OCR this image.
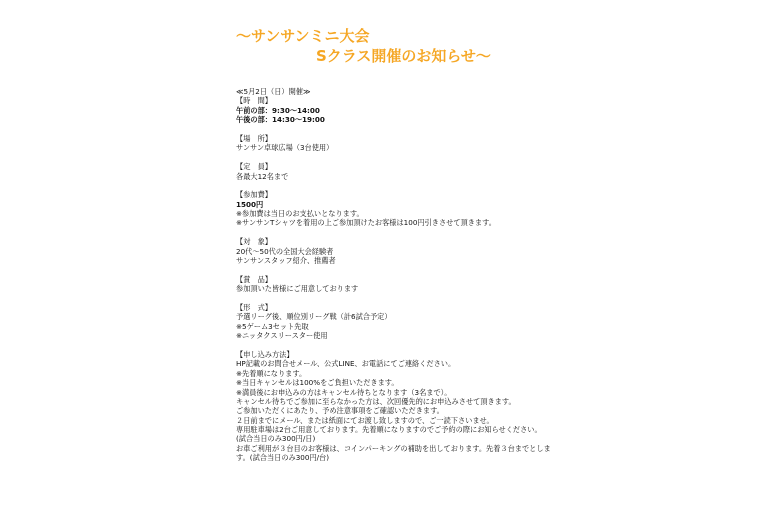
～サンサンミニ大会
Sクラス開催のお知らせ～
≪5月2日（日）開催≫
【時　間】
午前の部：9:30～14:00
午後の部：14:30～19:00
【場　所】
サンサン卓球広場（3台使用）
【定　員】
各最大12名まで
【参加費】
1500円
※参加費は当日のお支払いとなります。
※サンサンTシャツを着用の上ご参加頂けたお客様は100円引きさせて頂きます。
【対　象】
20代～50代の全国大会経験者
サンサンスタッフ紹介、推薦者
【賞　品】
参加頂いた皆様にご用意しております
【形　式】
予選リーグ後、順位別リーグ戦（計6試合予定）
※5ゲーム3セット先取
※ニッタクスリースター使用
【申し込み方法】
HP記載のお問合せメール、公式LINE、お電話にてご連絡ください。
※先着順になります。
※当日キャンセルは100%をご負担いただきます。
※満員後にお申込みの方はキャンセル待ちとなります（3名まで）。
キャンセル待ちでご参加に至らなかった方は、次回優先的にお申込みさせて頂きます。
ご参加いただくにあたり、予め注意事項をご確認いただきます。
２日前までにメール、または紙面にてお渡し致しますので、ご一読下さいませ。
専用駐車場は2台ご用意しております。先着順になりますのでご予約の際にお知らせください。(試合当日のみ300円/日)
お車ご利用が３台目のお客様は、コインパーキングの補助を出しております。先着３台までとします。(試合当日のみ300円/台)
